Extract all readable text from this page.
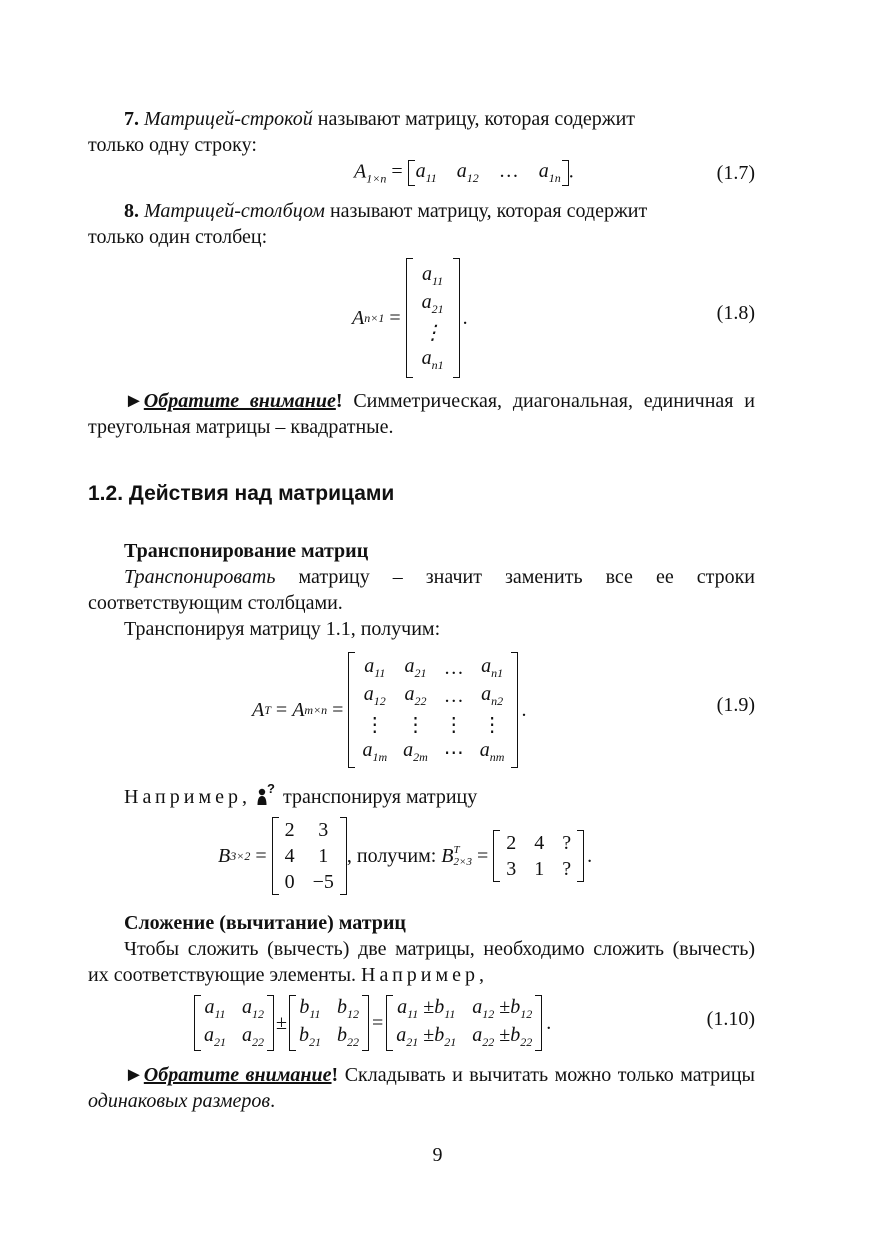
7. Матрицей-строкой называют матрицу, которая содержит
только одну строку:

$A_{1\times n} = a_{11}$ $a_{12}$ … $a_{1n}$ .	(1.7)

8. Матрицей-столбцом называют матрицу, которая содержит
только один столбец:

A n×1 =
$a_{11}$
$a_{21}$
⋮
$a_{n1}$
.	(1.8)

►Обратите внимание! Симметрическая, диагональная, единичная и треугольная матрицы – квадратные.

1.2. Действия над матрицами

Транспонирование матриц

Транспонировать матрицу – значит заменить все ее строки соответствующим столбцами.

Транспонируя матрицу 1.1, получим:

A T = A m×n =
$a_{11}$	$a_{21}$	…	$a_{n1}$
$a_{12}$	$a_{22}$	…	$a_{n2}$
⋮	⋮	⋮	⋮
$a_{1m}$	$a_{2m}$	⋯	$a_{nm}$
.	(1.9)

Например, ? транспонируя матрицу

B 3×2 =
2	3
4	1
0	−5
, получим: B T
2×3 =
2	4	?
3	1	?
.

Сложение (вычитание) матриц

Чтобы сложить (вычесть) две матрицы, необходимо сложить (вычесть) их соответствующие элементы. Например,

$a_{11}$	$a_{12}$
$a_{21}$	$a_{22}$
±
$b_{11}$	$b_{12}$
$b_{21}$	$b_{22}$
=
$a_{11} \pm b_{11}$	$a_{12} \pm b_{12}$
$a_{21} \pm b_{21}$	$a_{22} \pm b_{22}$
.	(1.10)

►Обратите внимание! Складывать и вычитать можно только матрицы одинаковых размеров.

9
